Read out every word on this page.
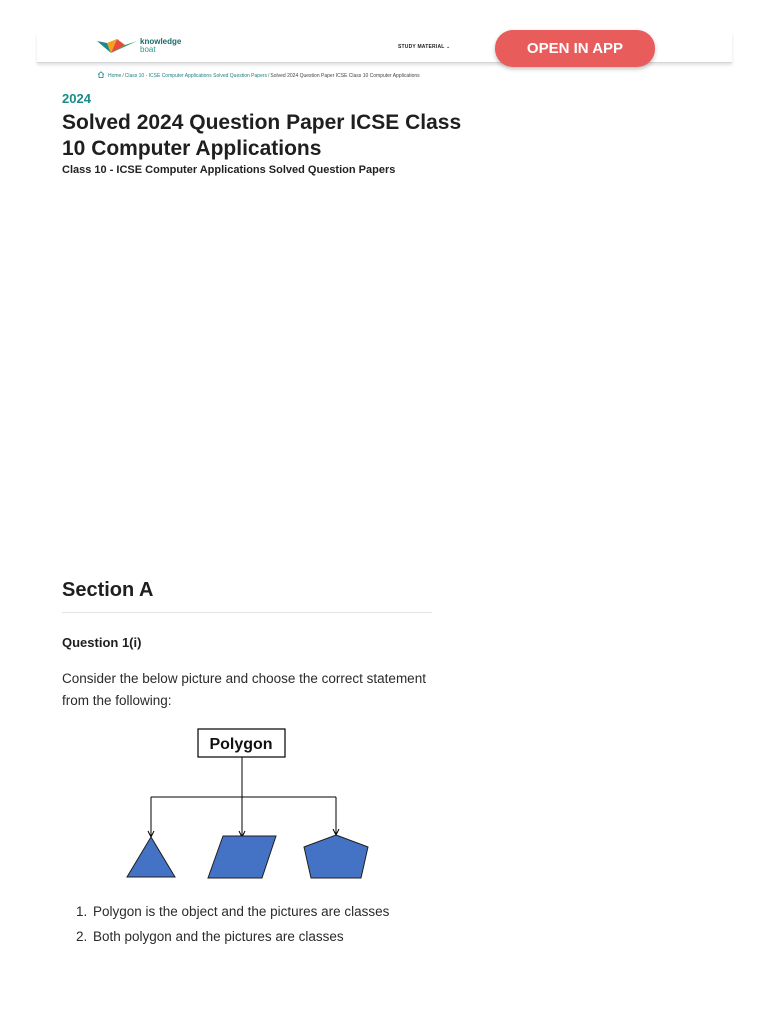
knowledge
boat	STUDY MATERIAL ⌄	OPEN IN APP
Home / Class 10 - ICSE Computer Applications Solved Question Papers / Solved 2024 Question Paper ICSE Class 10 Computer Applications
2024
Solved 2024 Question Paper ICSE Class 10 Computer Applications
Class 10 - ICSE Computer Applications Solved Question Papers
Section A
Question 1(i)

Consider the below picture and choose the correct statement from the following:

Polygon
1. Polygon is the object and the pictures are classes
2. Both polygon and the pictures are classes
